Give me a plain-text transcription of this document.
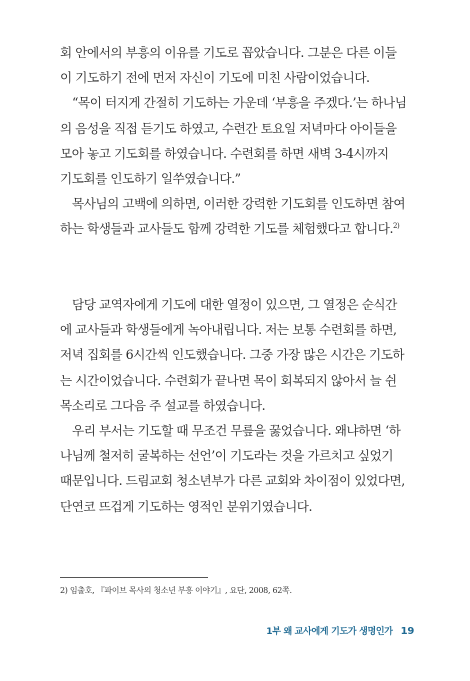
회 안에서의 부흥의 이유를 기도로 꼽았습니다. 그분은 다른 이들
이 기도하기 전에 먼저 자신이 기도에 미친 사람이었습니다.
“목이 터지게 간절히 기도하는 가운데 ‘부흥을 주겠다.’는 하나님
의 음성을 직접 듣기도 하였고, 수련간 토요일 저녁마다 아이들을
모아 놓고 기도회를 하였습니다. 수련회를 하면 새벽 3-4시까지
기도회를 인도하기 일쑤였습니다.”
목사님의 고백에 의하면, 이러한 강력한 기도회를 인도하면 참여
하는 학생들과 교사들도 함께 강력한 기도를 체험했다고 합니다.$^{2)}$
담당 교역자에게 기도에 대한 열정이 있으면, 그 열정은 순식간
에 교사들과 학생들에게 녹아내립니다. 저는 보통 수련회를 하면,
저녁 집회를 6시간씩 인도했습니다. 그중 가장 많은 시간은 기도하
는 시간이었습니다. 수련회가 끝나면 목이 회복되지 않아서 늘 쉰
목소리로 그다음 주 설교를 하였습니다.
우리 부서는 기도할 때 무조건 무릎을 꿇었습니다. 왜냐하면 ‘하
나님께 철저히 굴복하는 선언’이 기도라는 것을 가르치고 싶었기
때문입니다. 드림교회 청소년부가 다른 교회와 차이점이 있었다면,
단연코 뜨겁게 기도하는 영적인 분위기였습니다.
2) 임출호, 『파이브 목사의 청소년 부흥 이야기』, 요단, 2008, 62쪽.
1부 왜 교사에게 기도가 생명인가 19
